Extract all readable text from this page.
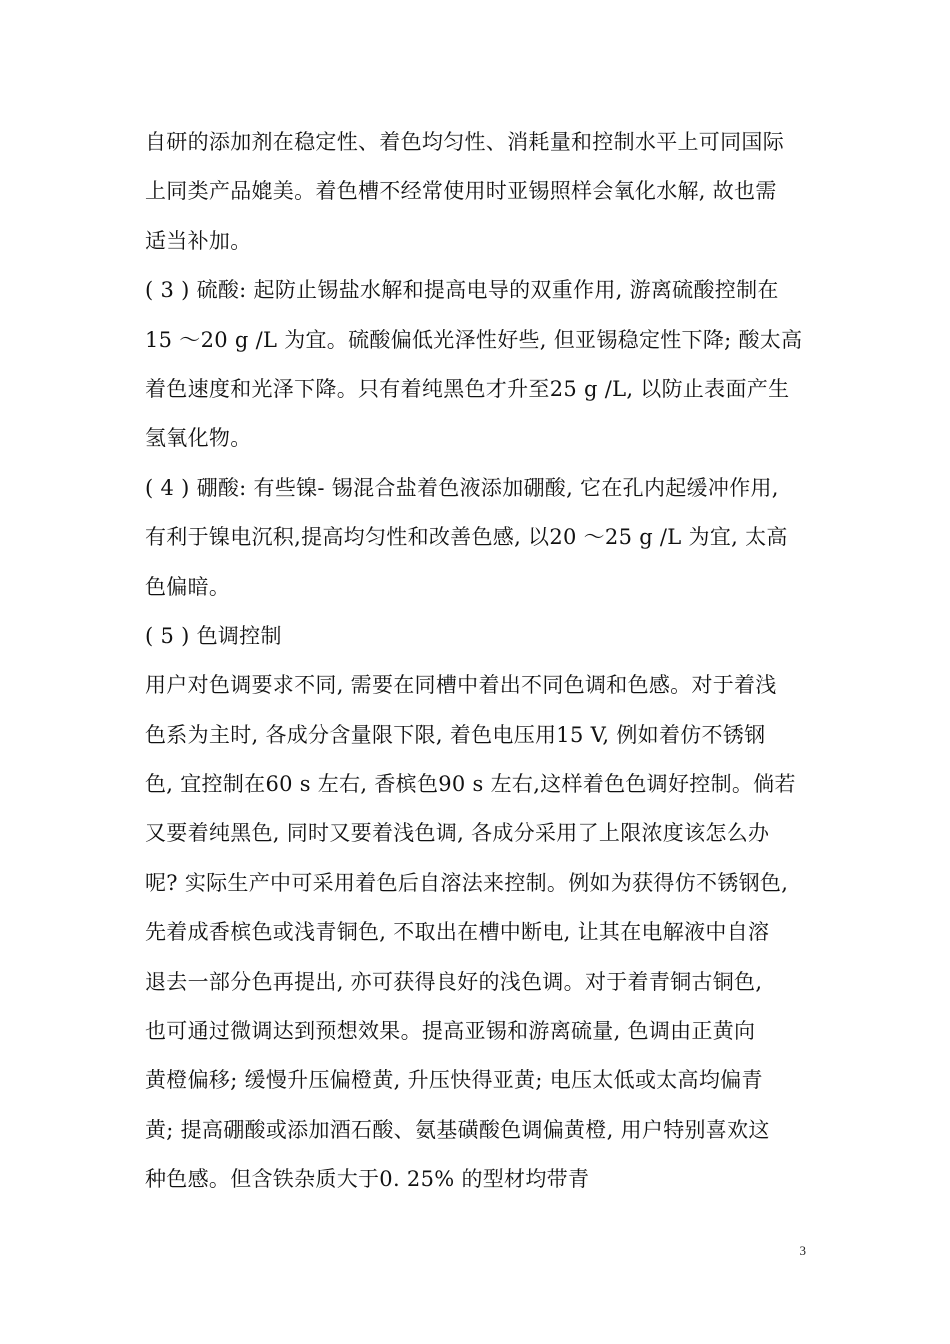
自研的添加剂在稳定性、着色均匀性、消耗量和控制水平上可同国际
上同类产品媲美。着色槽不经常使用时亚锡照样会氧化水解, 故也需
适当补加。
( 3 ) 硫酸: 起防止锡盐水解和提高电导的双重作用, 游离硫酸控制在
15 ～20 g /L 为宜。硫酸偏低光泽性好些, 但亚锡稳定性下降; 酸太高
着色速度和光泽下降。只有着纯黑色才升至25 g /L, 以防止表面产生
氢氧化物。
( 4 ) 硼酸: 有些镍- 锡混合盐着色液添加硼酸, 它在孔内起缓冲作用,
有利于镍电沉积,提高均匀性和改善色感, 以20 ～25 g /L 为宜, 太高
色偏暗。
( 5 ) 色调控制
用户对色调要求不同, 需要在同槽中着出不同色调和色感。对于着浅
色系为主时, 各成分含量限下限, 着色电压用15 V, 例如着仿不锈钢
色, 宜控制在60 s 左右, 香槟色90 s 左右,这样着色色调好控制。倘若
又要着纯黑色, 同时又要着浅色调, 各成分采用了上限浓度该怎么办
呢? 实际生产中可采用着色后自溶法来控制。例如为获得仿不锈钢色,
先着成香槟色或浅青铜色, 不取出在槽中断电, 让其在电解液中自溶
退去一部分色再提出, 亦可获得良好的浅色调。对于着青铜古铜色,
也可通过微调达到预想效果。提高亚锡和游离硫量, 色调由正黄向
黄橙偏移; 缓慢升压偏橙黄, 升压快得亚黄; 电压太低或太高均偏青
黄; 提高硼酸或添加酒石酸、氨基磺酸色调偏黄橙, 用户特别喜欢这
种色感。但含铁杂质大于0. 25% 的型材均带青
3
